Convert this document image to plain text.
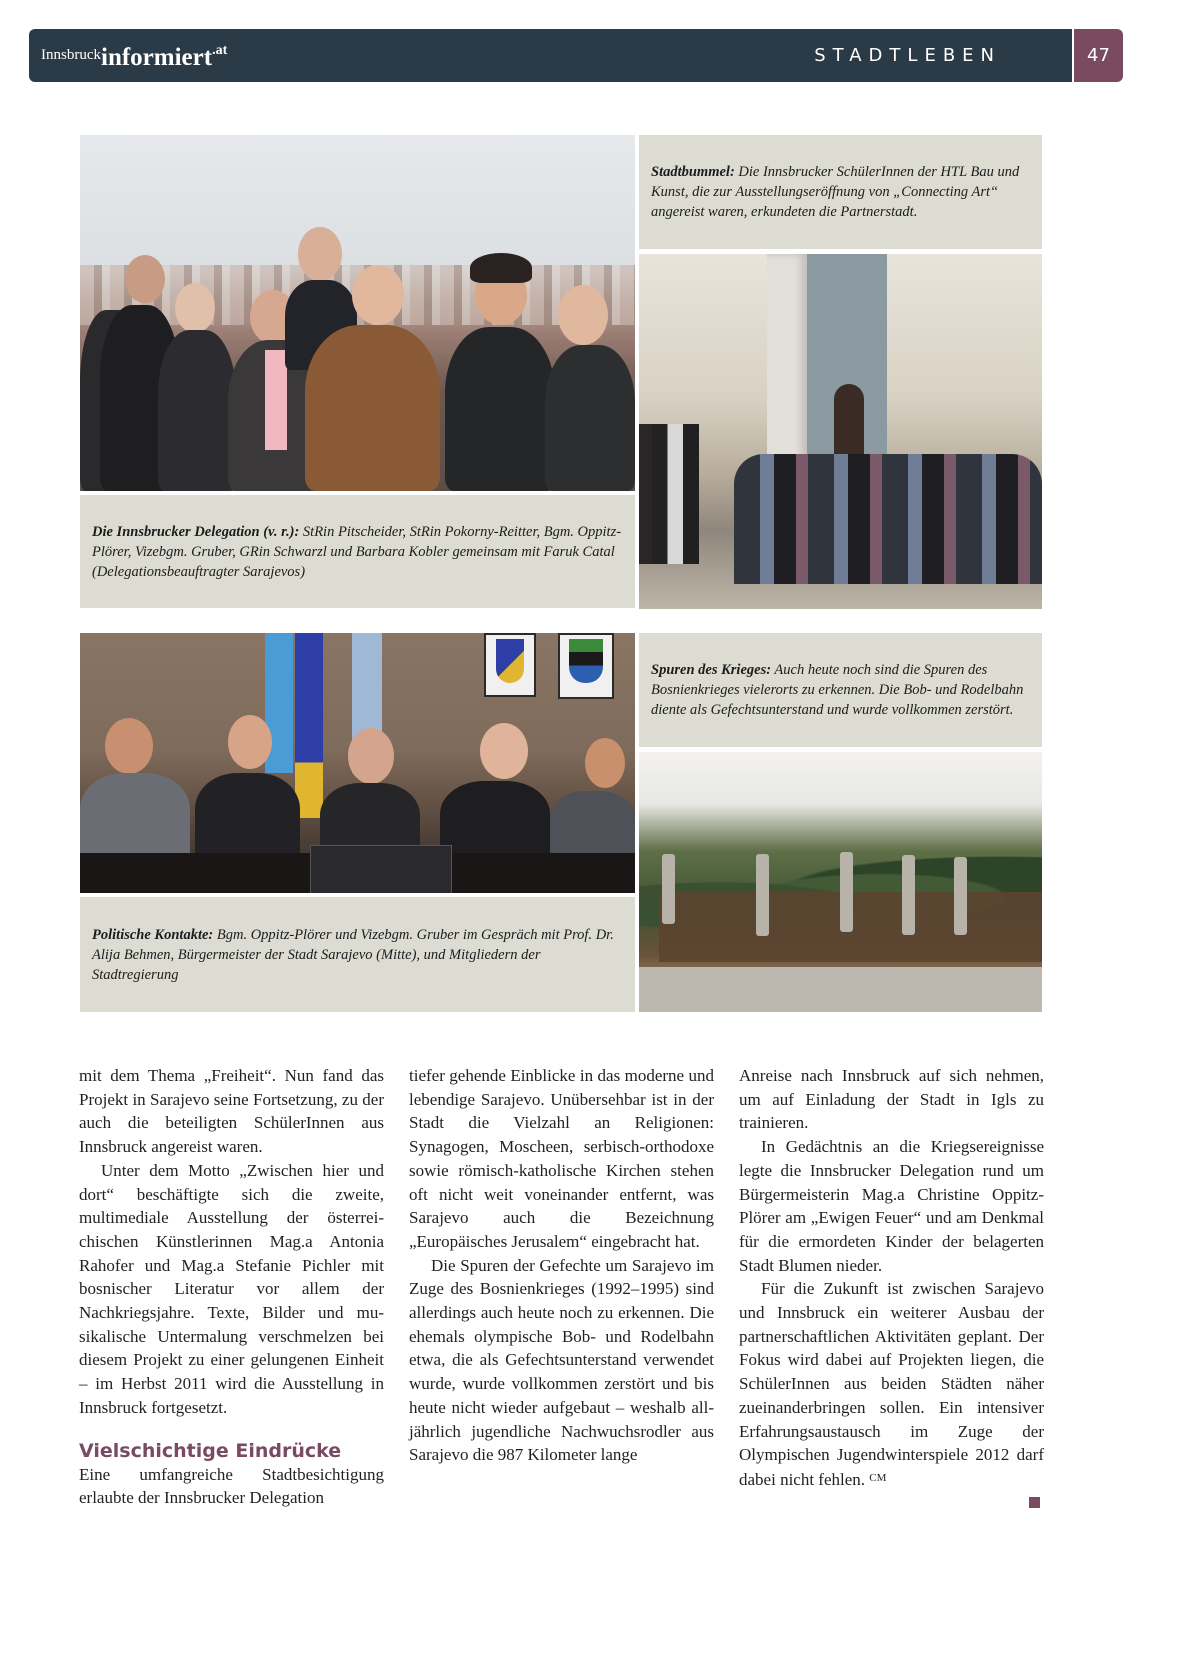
Innsbruckinformiert.at	STADTLEBEN	47
Stadtbummel: Die Innsbrucker SchülerInnen der HTL Bau und Kunst, die zur Ausstellungseröffnung von „Connecting Art“ angereist waren, erkundeten die Partnerstadt.
Die Innsbrucker Delegation (v. r.): StRin Pitscheider, StRin Pokorny-Reitter, Bgm. Oppitz-Plörer, Vizebgm. Gruber, GRin Schwarzl und Barbara Kobler gemeinsam mit Faruk Catal (Delegationsbeauftragter Sarajevos)
Spuren des Krieges: Auch heute noch sind die Spuren des Bosnienkrieges vielerorts zu erkennen. Die Bob- und Rodelbahn diente als Gefechtsunterstand und wurde vollkommen zerstört.
Politische Kontakte: Bgm. Oppitz-Plörer und Vizebgm. Gruber im Gespräch mit Prof. Dr. Alija Behmen, Bürgermeister der Stadt Sarajevo (Mitte), und Mitgliedern der Stadtregierung

mit dem Thema „Freiheit“. Nun fand das Projekt in Sarajevo seine Fortsetzung, zu der auch die beteiligten SchülerInnen aus Innsbruck angereist waren.

Unter dem Motto „Zwischen hier und dort“ beschäftigte sich die zweite, multimediale Ausstellung der österreichischen Künstlerinnen Mag.a Antonia Rahofer und Mag.a Stefanie Pichler mit bosnischer Literatur vor allem der Nachkriegsjahre. Texte, Bilder und musikalische Untermalung verschmelzen bei diesem Projekt zu einer gelungenen Einheit – im Herbst 2011 wird die Ausstellung in Innsbruck fortgesetzt.

Vielschichtige Eindrücke

Eine umfangreiche Stadtbesichtigung erlaubte der Innsbrucker Delegation

tiefer gehende Einblicke in das moderne und lebendige Sarajevo. Unübersehbar ist in der Stadt die Vielzahl an Religionen: Synagogen, Moscheen, serbisch-orthodoxe sowie römisch-katholische Kirchen stehen oft nicht weit voneinander entfernt, was Sarajevo auch die Bezeichnung „Europäisches Jerusalem“ eingebracht hat.

Die Spuren der Gefechte um Sarajevo im Zuge des Bosnienkrieges (1992–1995) sind allerdings auch heute noch zu erkennen. Die ehemals olympische Bob- und Rodelbahn etwa, die als Gefechtsunterstand verwendet wurde, wurde vollkommen zerstört und bis heute nicht wieder aufgebaut – weshalb alljährlich jugendliche Nachwuchsrodler aus Sarajevo die 987 Kilometer lange

Anreise nach Innsbruck auf sich nehmen, um auf Einladung der Stadt in Igls zu trainieren.

In Gedächtnis an die Kriegsereignisse legte die Innsbrucker Delegation rund um Bürgermeisterin Mag.a Christine Oppitz-Plörer am „Ewigen Feuer“ und am Denkmal für die ermordeten Kinder der belagerten Stadt Blumen nieder.

Für die Zukunft ist zwischen Sarajevo und Innsbruck ein weiterer Ausbau der partnerschaftlichen Aktivitäten geplant. Der Fokus wird dabei auf Projekten liegen, die SchülerInnen aus beiden Städten näher zueinanderbringen sollen. Ein intensiver Erfahrungsaustausch im Zuge der Olympischen Jugendwinterspiele 2012 darf dabei nicht fehlen. $^{CM}$
